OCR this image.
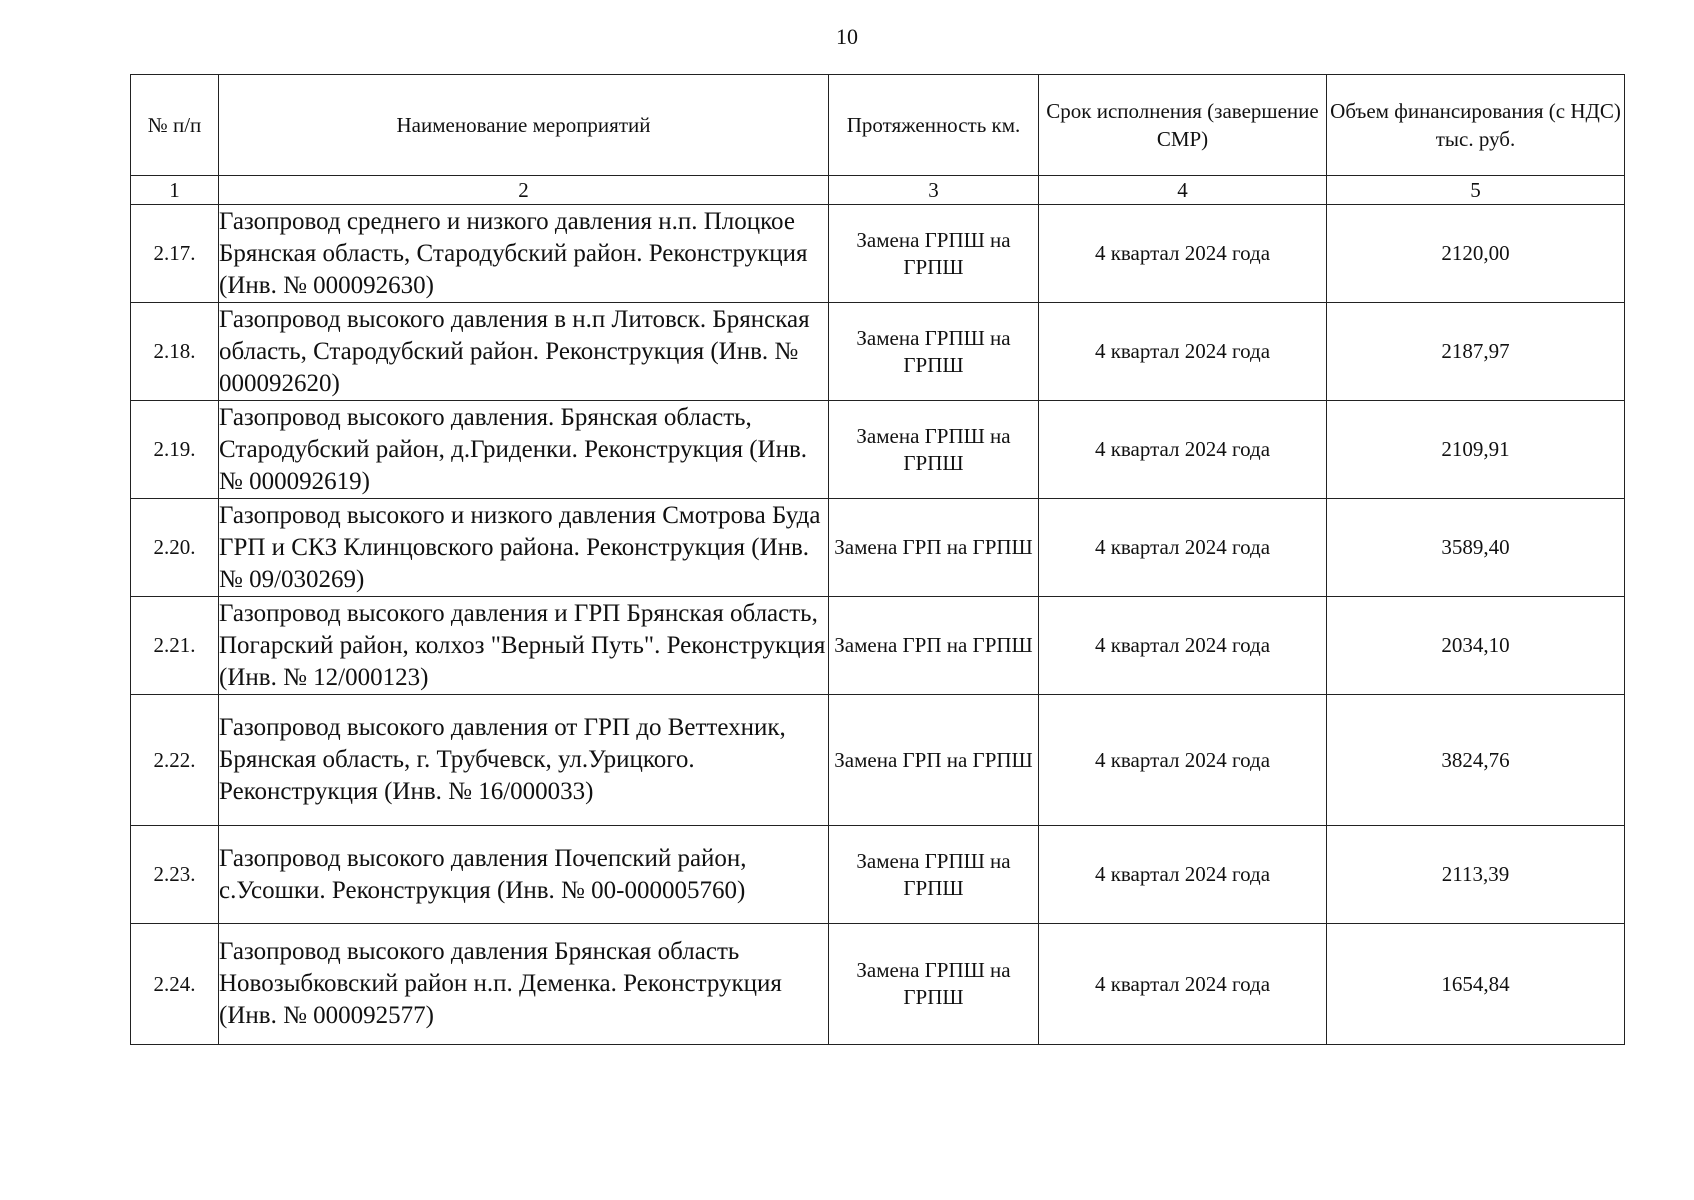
10
№ п/п	Наименование мероприятий	Протяженность км.	Срок исполнения (завершение СМР)	Объем финансирования (с НДС) тыс. руб.
1	2	3	4	5
2.17.	Газопровод среднего и низкого давления н.п. Плоцкое Брянская область, Стародубский район. Реконструкция (Инв. № 000092630)	Замена ГРПШ на ГРПШ	4 квартал 2024 года	2120,00
2.18.	Газопровод высокого давления в н.п Литовск. Брянская область, Стародубский район. Реконструкция (Инв. № 000092620)	Замена ГРПШ на ГРПШ	4 квартал 2024 года	2187,97
2.19.	Газопровод высокого давления. Брянская область, Стародубский район, д.Гриденки. Реконструкция (Инв. № 000092619)	Замена ГРПШ на ГРПШ	4 квартал 2024 года	2109,91
2.20.	Газопровод высокого и низкого давления Смотрова Буда ГРП и СКЗ Клинцовского района. Реконструкция (Инв. № 09/030269)	Замена ГРП на ГРПШ	4 квартал 2024 года	3589,40
2.21.	Газопровод высокого давления и ГРП Брянская область, Погарский район, колхоз "Верный Путь". Реконструкция (Инв. № 12/000123)	Замена ГРП на ГРПШ	4 квартал 2024 года	2034,10
2.22.	Газопровод высокого давления от ГРП до Веттехник, Брянская область, г. Трубчевск, ул.Урицкого. Реконструкция (Инв. № 16/000033)	Замена ГРП на ГРПШ	4 квартал 2024 года	3824,76
2.23.	Газопровод высокого давления Почепский район, с.Усошки. Реконструкция (Инв. № 00-000005760)	Замена ГРПШ на ГРПШ	4 квартал 2024 года	2113,39
2.24.	Газопровод высокого давления Брянская область Новозыбковский район н.п. Деменка. Реконструкция (Инв. № 000092577)	Замена ГРПШ на ГРПШ	4 квартал 2024 года	1654,84
